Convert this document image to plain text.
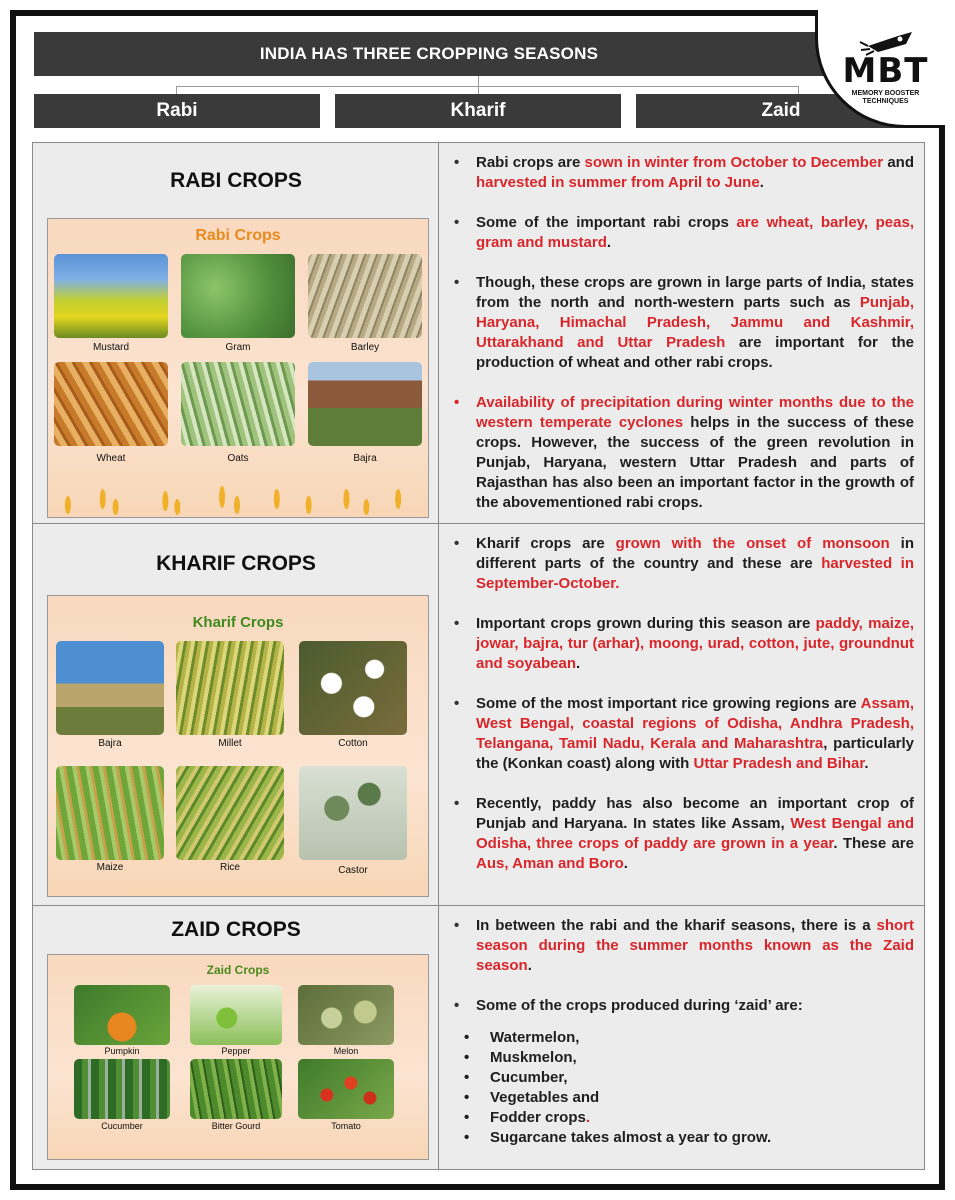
INDIA HAS THREE CROPPING SEASONS
Rabi	Kharif	Zaid
MBT
MEMORY BOOSTER
TECHNIQUES
RABI CROPS
Rabi Crops
Mustard	Gram	Barley
Wheat	Oats	Bajra
• Rabi crops are sown in winter from October to December and harvested in summer from April to June.
• Some of the important rabi crops are wheat, barley, peas, gram and mustard.
• Though, these crops are grown in large parts of India, states from the north and north-western parts such as Punjab, Haryana, Himachal Pradesh, Jammu and Kashmir, Uttarakhand and Uttar Pradesh are important for the production of wheat and other rabi crops.
• Availability of precipitation during winter months due to the western temperate cyclones helps in the success of these crops. However, the success of the green revolution in Punjab, Haryana, western Uttar Pradesh and parts of Rajasthan has also been an important factor in the growth of the abovementioned rabi crops.
KHARIF CROPS
Kharif Crops
Bajra	Millet	Cotton
Maize	Rice	Castor
• Kharif crops are grown with the onset of monsoon in different parts of the country and these are harvested in September-October.
• Important crops grown during this season are paddy, maize, jowar, bajra, tur (arhar), moong, urad, cotton, jute, groundnut and soyabean.
• Some of the most important rice growing regions are Assam, West Bengal, coastal regions of Odisha, Andhra Pradesh, Telangana, Tamil Nadu, Kerala and Maharashtra, particularly the (Konkan coast) along with Uttar Pradesh and Bihar.
• Recently, paddy has also become an important crop of Punjab and Haryana. In states like Assam, West Bengal and Odisha, three crops of paddy are grown in a year. These are Aus, Aman and Boro.
ZAID CROPS
Zaid Crops
Pumpkin	Pepper	Melon
Cucumber	Bitter Gourd	Tomato
• In between the rabi and the kharif seasons, there is a short season during the summer months known as the Zaid season.
• Some of the crops produced during ‘zaid’ are:
• Watermelon,
• Muskmelon,
• Cucumber,
• Vegetables and
• Fodder crops.
• Sugarcane takes almost a year to grow.
